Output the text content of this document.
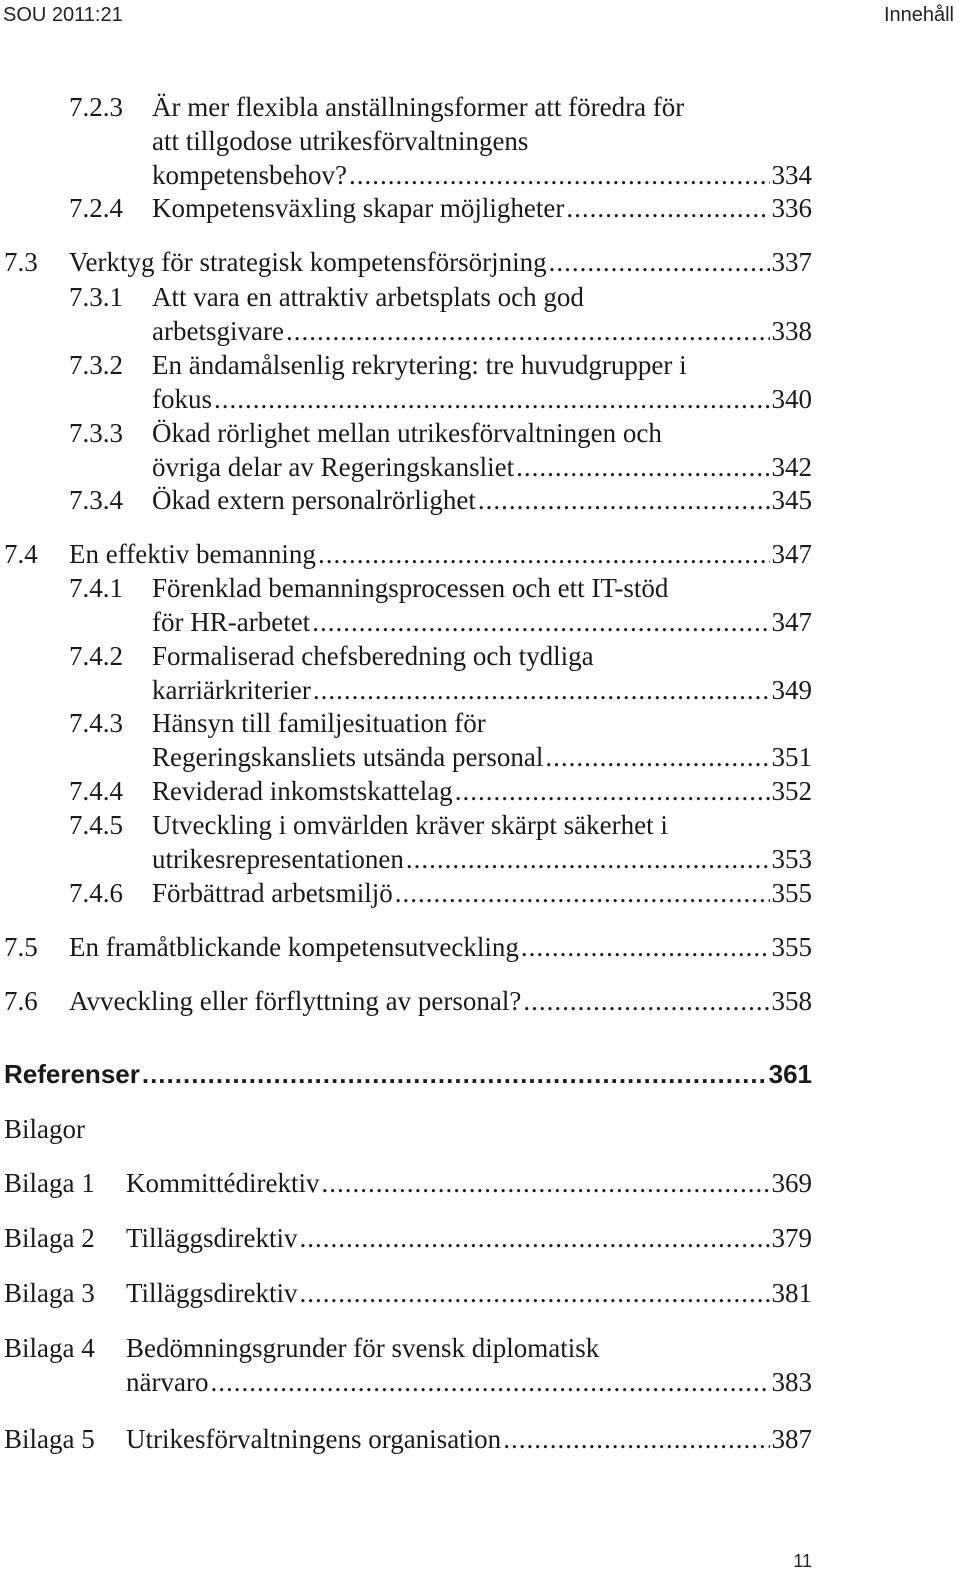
SOU 2011:21	Innehåll
7.2.3 Är mer flexibla anställningsformer att föredra för
att tillgodose utrikesförvaltningens
kompetensbehov? .....	334
7.2.4 Kompetensväxling skapar möjligheter .....	336
7.3 Verktyg för strategisk kompetensförsörjning .....	337
7.3.1 Att vara en attraktiv arbetsplats och god
arbetsgivare .....	338
7.3.2 En ändamålsenlig rekrytering: tre huvudgrupper i
fokus .....	340
7.3.3 Ökad rörlighet mellan utrikesförvaltningen och
övriga delar av Regeringskansliet .....	342
7.3.4 Ökad extern personalrörlighet .....	345
7.4 En effektiv bemanning .....	347
7.4.1 Förenklad bemanningsprocessen och ett IT-stöd
för HR-arbetet .....	347
7.4.2 Formaliserad chefsberedning och tydliga
karriärkriterier .....	349
7.4.3 Hänsyn till familjesituation för
Regeringskansliets utsända personal .....	351
7.4.4 Reviderad inkomstskattelag .....	352
7.4.5 Utveckling i omvärlden kräver skärpt säkerhet i
utrikesrepresentationen .....	353
7.4.6 Förbättrad arbetsmiljö .....	355
7.5 En framåtblickande kompetensutveckling .....	355
7.6 Avveckling eller förflyttning av personal? .....	358
Referenser .....	361
Bilagor
Bilaga 1 Kommittédirektiv .....	369
Bilaga 2 Tilläggsdirektiv .....	379
Bilaga 3 Tilläggsdirektiv .....	381
Bilaga 4 Bedömningsgrunder för svensk diplomatisk
närvaro .....	383
Bilaga 5 Utrikesförvaltningens organisation .....	387
11
